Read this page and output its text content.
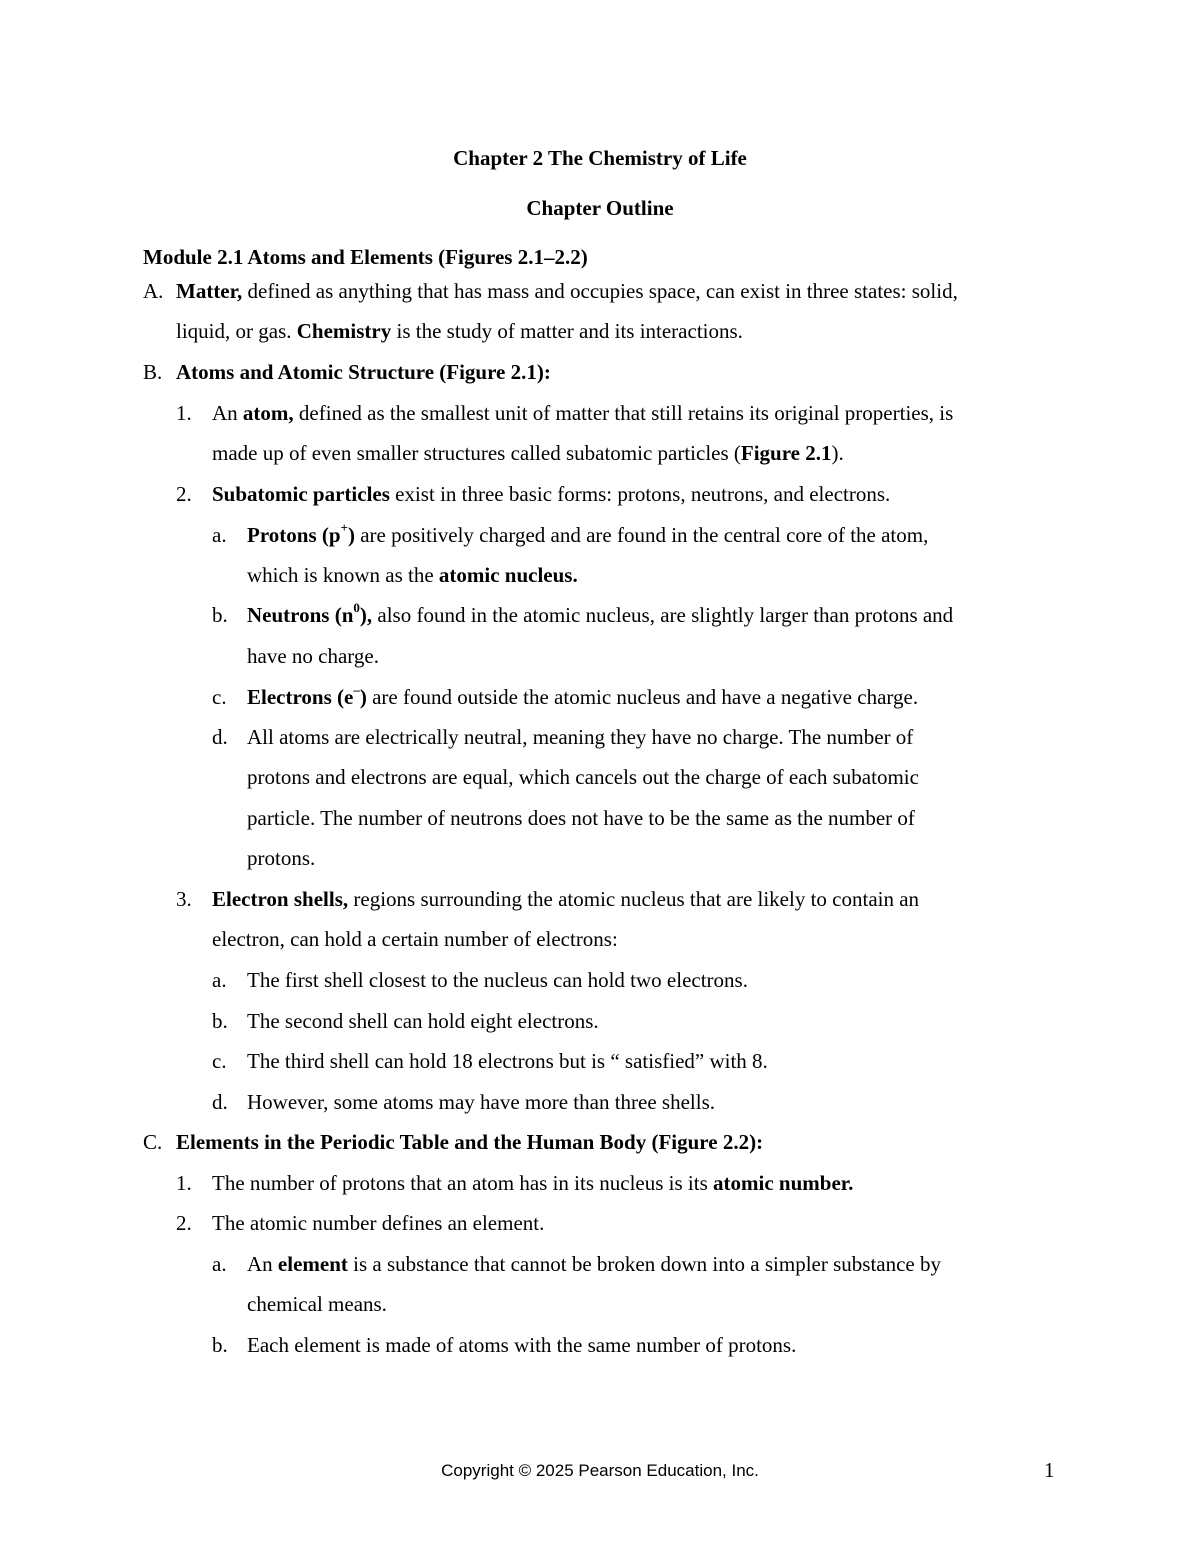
Chapter 2 The Chemistry of Life
Chapter Outline
Module 2.1 Atoms and Elements (Figures 2.1–2.2)
A. Matter, defined as anything that has mass and occupies space, can exist in three states: solid,
liquid, or gas. Chemistry is the study of matter and its interactions.
B. Atoms and Atomic Structure (Figure 2.1):
1. An atom, defined as the smallest unit of matter that still retains its original properties, is
made up of even smaller structures called subatomic particles (Figure 2.1).
2. Subatomic particles exist in three basic forms: protons, neutrons, and electrons.
a. Protons (p+) are positively charged and are found in the central core of the atom,
which is known as the atomic nucleus.
b. Neutrons $(n^0)$, also found in the atomic nucleus, are slightly larger than protons and
have no charge.
c. Electrons (e–) are found outside the atomic nucleus and have a negative charge.
d. All atoms are electrically neutral, meaning they have no charge. The number of
protons and electrons are equal, which cancels out the charge of each subatomic
particle. The number of neutrons does not have to be the same as the number of
protons.
3. Electron shells, regions surrounding the atomic nucleus that are likely to contain an
electron, can hold a certain number of electrons:
a. The first shell closest to the nucleus can hold two electrons.
b. The second shell can hold eight electrons.
c. The third shell can hold 18 electrons but is “ satisfied” with 8.
d. However, some atoms may have more than three shells.
C. Elements in the Periodic Table and the Human Body (Figure 2.2):
1. The number of protons that an atom has in its nucleus is its atomic number.
2. The atomic number defines an element.
a. An element is a substance that cannot be broken down into a simpler substance by
chemical means.
b. Each element is made of atoms with the same number of protons.
Copyright © 2025 Pearson Education, Inc.	1
